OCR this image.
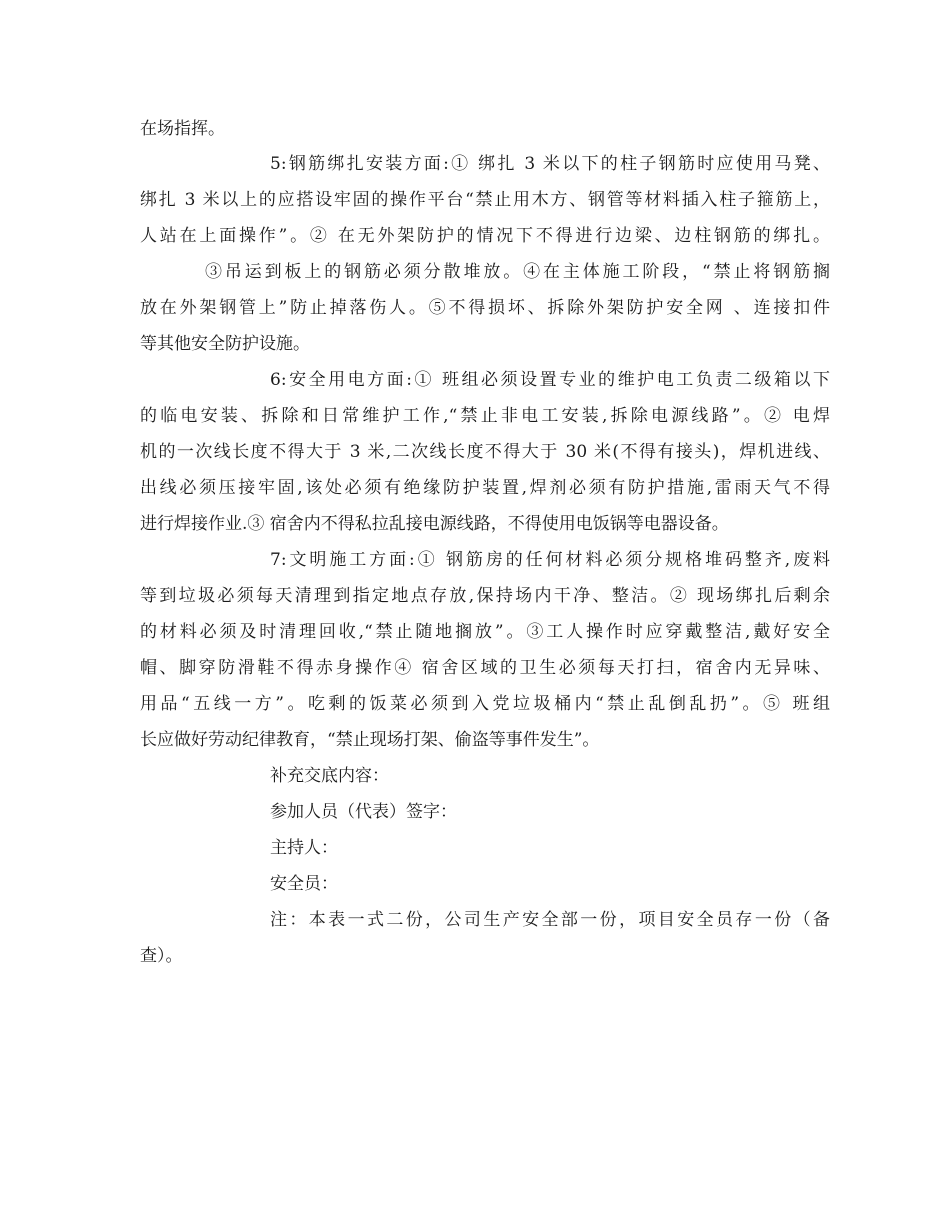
在场指挥。
5:钢筋绑扎安装方面:① 绑扎 3 米以下的柱子钢筋时应使用马凳、
绑扎 3 米以上的应搭设牢固的操作平台“禁止用木方、钢管等材料插入柱子箍筋上，
人站在上面操作”。② 在无外架防护的情况下不得进行边梁、边柱钢筋的绑扎。
③吊运到板上的钢筋必须分散堆放。④在主体施工阶段，“禁止将钢筋搁
放在外架钢管上”防止掉落伤人。⑤不得损坏、拆除外架防护安全网 、连接扣件
等其他安全防护设施。
6:安全用电方面:① 班组必须设置专业的维护电工负责二级箱以下
的临电安装、拆除和日常维护工作,“禁止非电工安装,拆除电源线路”。② 电焊
机的一次线长度不得大于 3 米,二次线长度不得大于 30 米(不得有接头)，焊机进线、
出线必须压接牢固,该处必须有绝缘防护装置,焊剂必须有防护措施,雷雨天气不得
进行焊接作业.③ 宿舍内不得私拉乱接电源线路，不得使用电饭锅等电器设备。
7:文明施工方面:① 钢筋房的任何材料必须分规格堆码整齐,废料
等到垃圾必须每天清理到指定地点存放,保持场内干净、整洁。② 现场绑扎后剩余
的材料必须及时清理回收,“禁止随地搁放”。③工人操作时应穿戴整洁,戴好安全
帽、脚穿防滑鞋不得赤身操作④ 宿舍区域的卫生必须每天打扫，宿舍内无异味、
用品“五线一方”。吃剩的饭菜必须到入党垃圾桶内“禁止乱倒乱扔”。⑤ 班组
长应做好劳动纪律教育，“禁止现场打架、偷盗等事件发生”。
补充交底内容：
参加人员（代表）签字：
主持人：
安全员：
注：本表一式二份，公司生产安全部一份，项目安全员存一份（备
查）。
